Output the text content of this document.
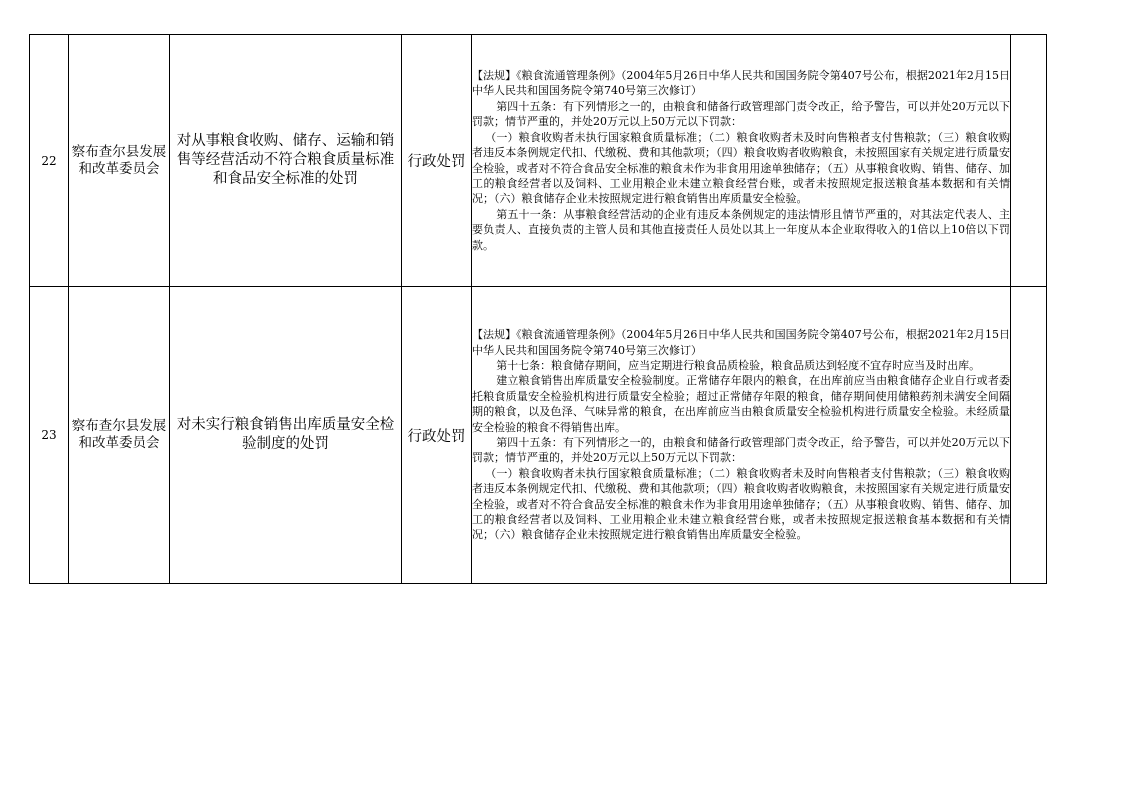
22	察布查尔县发展和改革委员会	对从事粮食收购、储存、运输和销售等经营活动不符合粮食质量标准和食品安全标准的处罚	行政处罚	【法规】《粮食流通管理条例》（2004年5月26日中华人民共和国国务院令第407号公布，根据2021年2月15日中华人民共和国国务院令第740号第三次修订）

第四十五条：有下列情形之一的，由粮食和储备行政管理部门责令改正，给予警告，可以并处20万元以下罚款；情节严重的，并处20万元以上50万元以下罚款：

（一）粮食收购者未执行国家粮食质量标准；（二）粮食收购者未及时向售粮者支付售粮款；（三）粮食收购者违反本条例规定代扣、代缴税、费和其他款项；（四）粮食收购者收购粮食，未按照国家有关规定进行质量安全检验，或者对不符合食品安全标准的粮食未作为非食用用途单独储存；（五）从事粮食收购、销售、储存、加工的粮食经营者以及饲料、工业用粮企业未建立粮食经营台账，或者未按照规定报送粮食基本数据和有关情况；（六）粮食储存企业未按照规定进行粮食销售出库质量安全检验。

第五十一条：从事粮食经营活动的企业有违反本条例规定的违法情形且情节严重的，对其法定代表人、主要负责人、直接负责的主管人员和其他直接责任人员处以其上一年度从本企业取得收入的1倍以上10倍以下罚款。	

23	察布查尔县发展和改革委员会	对未实行粮食销售出库质量安全检验制度的处罚	行政处罚	【法规】《粮食流通管理条例》（2004年5月26日中华人民共和国国务院令第407号公布，根据2021年2月15日中华人民共和国国务院令第740号第三次修订）

第十七条：粮食储存期间，应当定期进行粮食品质检验，粮食品质达到轻度不宜存时应当及时出库。

建立粮食销售出库质量安全检验制度。正常储存年限内的粮食，在出库前应当由粮食储存企业自行或者委托粮食质量安全检验机构进行质量安全检验；超过正常储存年限的粮食，储存期间使用储粮药剂未满安全间隔期的粮食，以及色泽、气味异常的粮食，在出库前应当由粮食质量安全检验机构进行质量安全检验。未经质量安全检验的粮食不得销售出库。

第四十五条：有下列情形之一的，由粮食和储备行政管理部门责令改正，给予警告，可以并处20万元以下罚款；情节严重的，并处20万元以上50万元以下罚款：

（一）粮食收购者未执行国家粮食质量标准；（二）粮食收购者未及时向售粮者支付售粮款；（三）粮食收购者违反本条例规定代扣、代缴税、费和其他款项；（四）粮食收购者收购粮食，未按照国家有关规定进行质量安全检验，或者对不符合食品安全标准的粮食未作为非食用用途单独储存；（五）从事粮食收购、销售、储存、加工的粮食经营者以及饲料、工业用粮企业未建立粮食经营台账，或者未按照规定报送粮食基本数据和有关情况；（六）粮食储存企业未按照规定进行粮食销售出库质量安全检验。	
